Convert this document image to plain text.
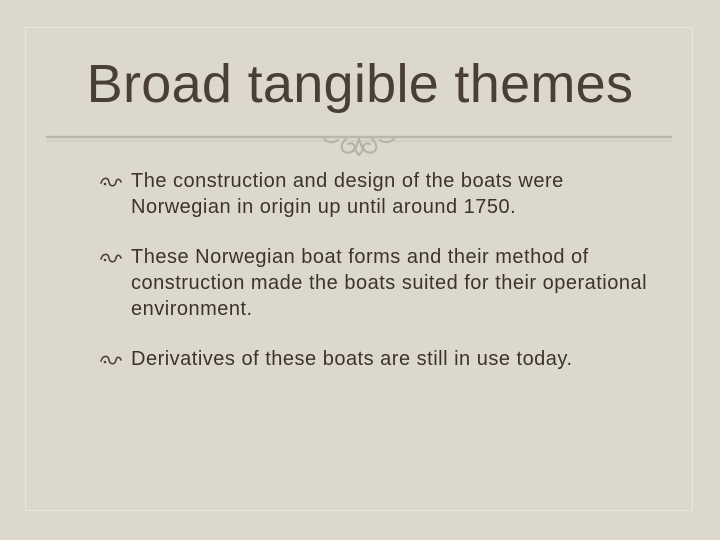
Broad tangible themes
The construction and design of the boats were Norwegian in origin up until around 1750.
These Norwegian boat forms and their method of construction made the boats suited for their operational environment.
Derivatives of these boats are still in use today.
